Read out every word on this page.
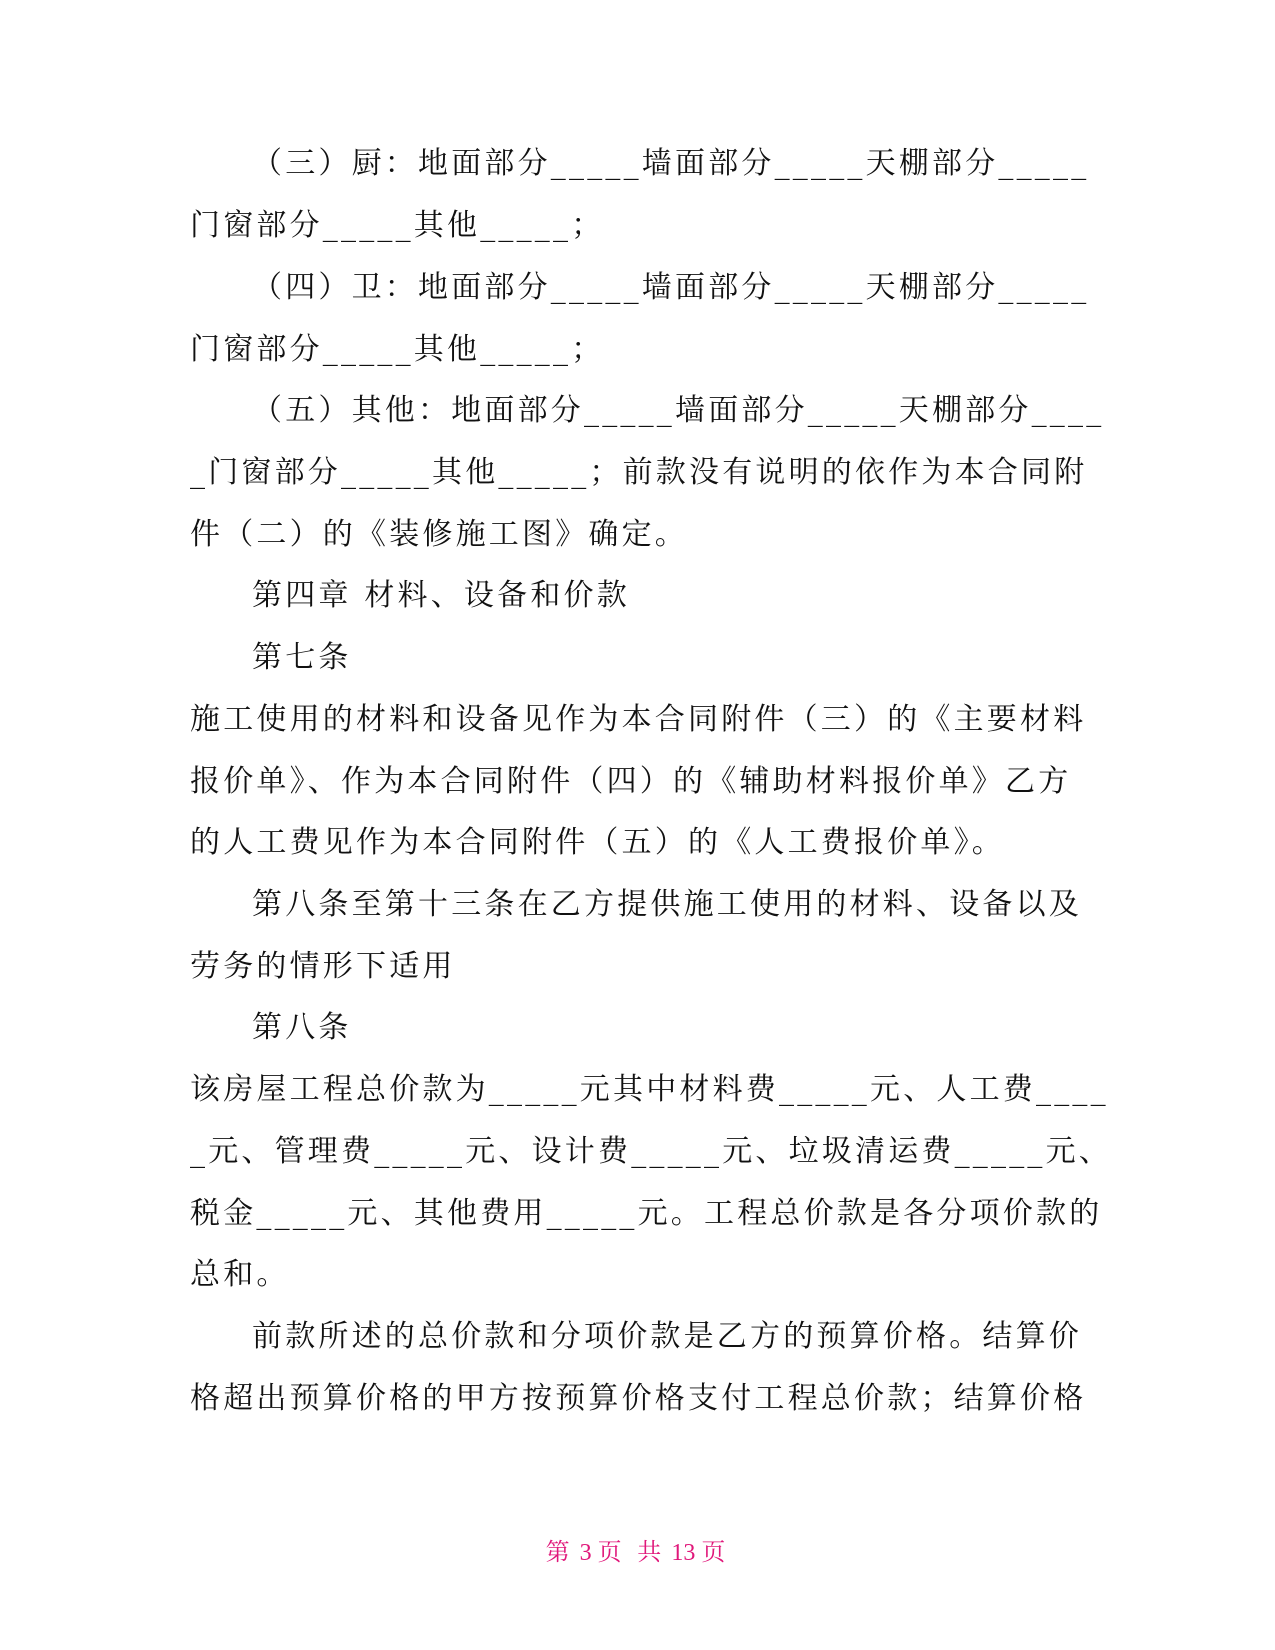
（三）厨：地面部分_____墙面部分_____天棚部分_____
门窗部分_____其他_____；
（四）卫：地面部分_____墙面部分_____天棚部分_____
门窗部分_____其他_____；
（五）其他：地面部分_____墙面部分_____天棚部分____
_门窗部分_____其他_____；前款没有说明的依作为本合同附
件（二）的《装修施工图》确定。
第四章 材料、设备和价款
第七条
施工使用的材料和设备见作为本合同附件（三）的《主要材料
报价单》、作为本合同附件（四）的《辅助材料报价单》乙方
的人工费见作为本合同附件（五）的《人工费报价单》。
第八条至第十三条在乙方提供施工使用的材料、设备以及
劳务的情形下适用
第八条
该房屋工程总价款为_____元其中材料费_____元、人工费____
_元、管理费_____元、设计费_____元、垃圾清运费_____元、
税金_____元、其他费用_____元。工程总价款是各分项价款的
总和。
前款所述的总价款和分项价款是乙方的预算价格。结算价
格超出预算价格的甲方按预算价格支付工程总价款；结算价格
第 3 页 共 13 页
